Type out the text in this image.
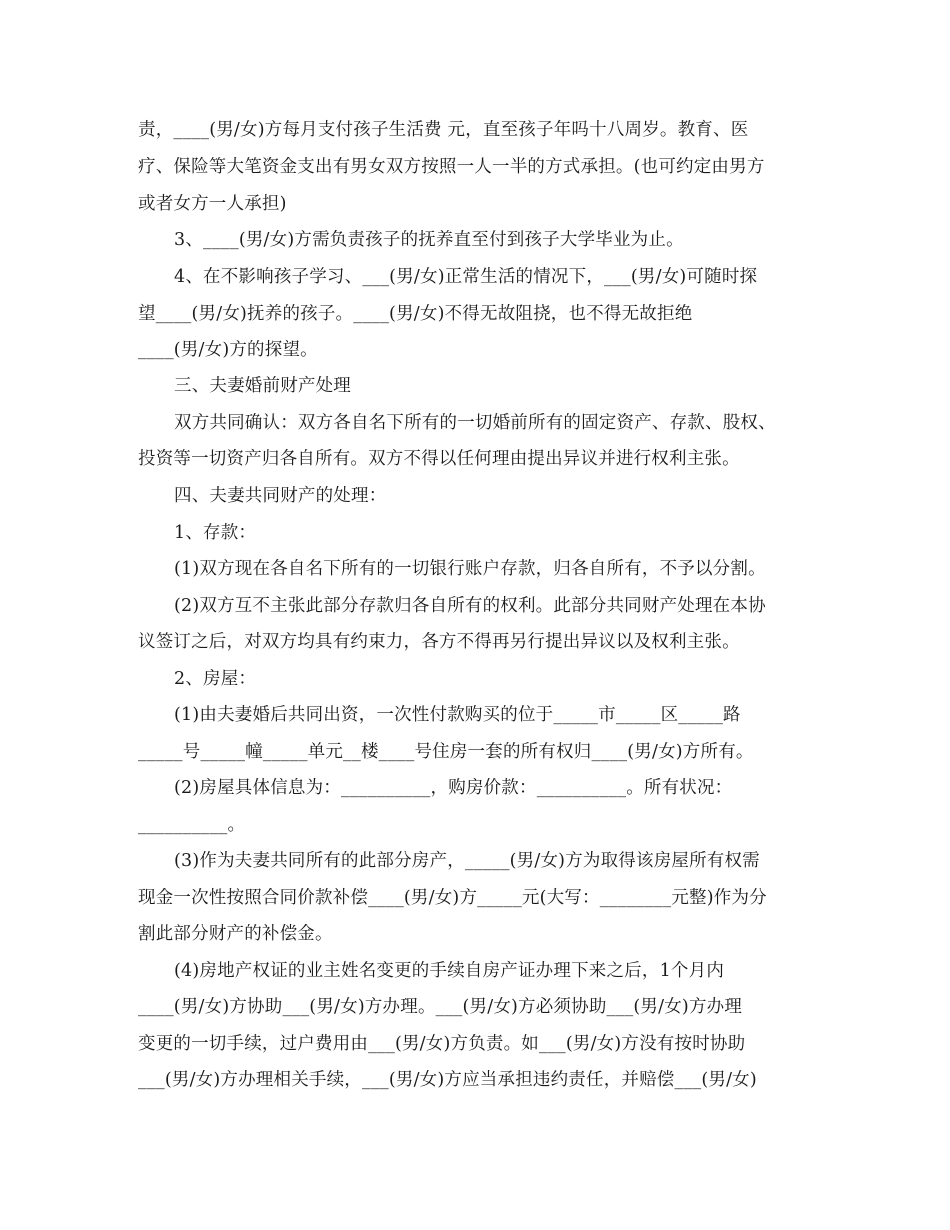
责，____(男/女)方每月支付孩子生活费 元，直至孩子年吗十八周岁。教育、医
疗、保险等大笔资金支出有男女双方按照一人一半的方式承担。(也可约定由男方
或者女方一人承担)
3、____(男/女)方需负责孩子的抚养直至付到孩子大学毕业为止。
4、在不影响孩子学习、___(男/女)正常生活的情况下，___(男/女)可随时探
望____(男/女)抚养的孩子。____(男/女)不得无故阻挠，也不得无故拒绝
____(男/女)方的探望。
三、夫妻婚前财产处理
双方共同确认：双方各自名下所有的一切婚前所有的固定资产、存款、股权、
投资等一切资产归各自所有。双方不得以任何理由提出异议并进行权利主张。
四、夫妻共同财产的处理：
1、存款：
(1)双方现在各自名下所有的一切银行账户存款，归各自所有，不予以分割。
(2)双方互不主张此部分存款归各自所有的权利。此部分共同财产处理在本协
议签订之后，对双方均具有约束力，各方不得再另行提出异议以及权利主张。
2、房屋：
(1)由夫妻婚后共同出资，一次性付款购买的位于_____市_____区_____路
_____号_____幢_____单元__楼____号住房一套的所有权归____(男/女)方所有。
(2)房屋具体信息为：__________，购房价款：__________。所有状况：
__________。
(3)作为夫妻共同所有的此部分房产，_____(男/女)方为取得该房屋所有权需
现金一次性按照合同价款补偿____(男/女)方_____元(大写：________元整)作为分
割此部分财产的补偿金。
(4)房地产权证的业主姓名变更的手续自房产证办理下来之后，1个月内
____(男/女)方协助___(男/女)方办理。___(男/女)方必须协助___(男/女)方办理
变更的一切手续，过户费用由___(男/女)方负责。如___(男/女)方没有按时协助
___(男/女)方办理相关手续，___(男/女)方应当承担违约责任，并赔偿___(男/女)
